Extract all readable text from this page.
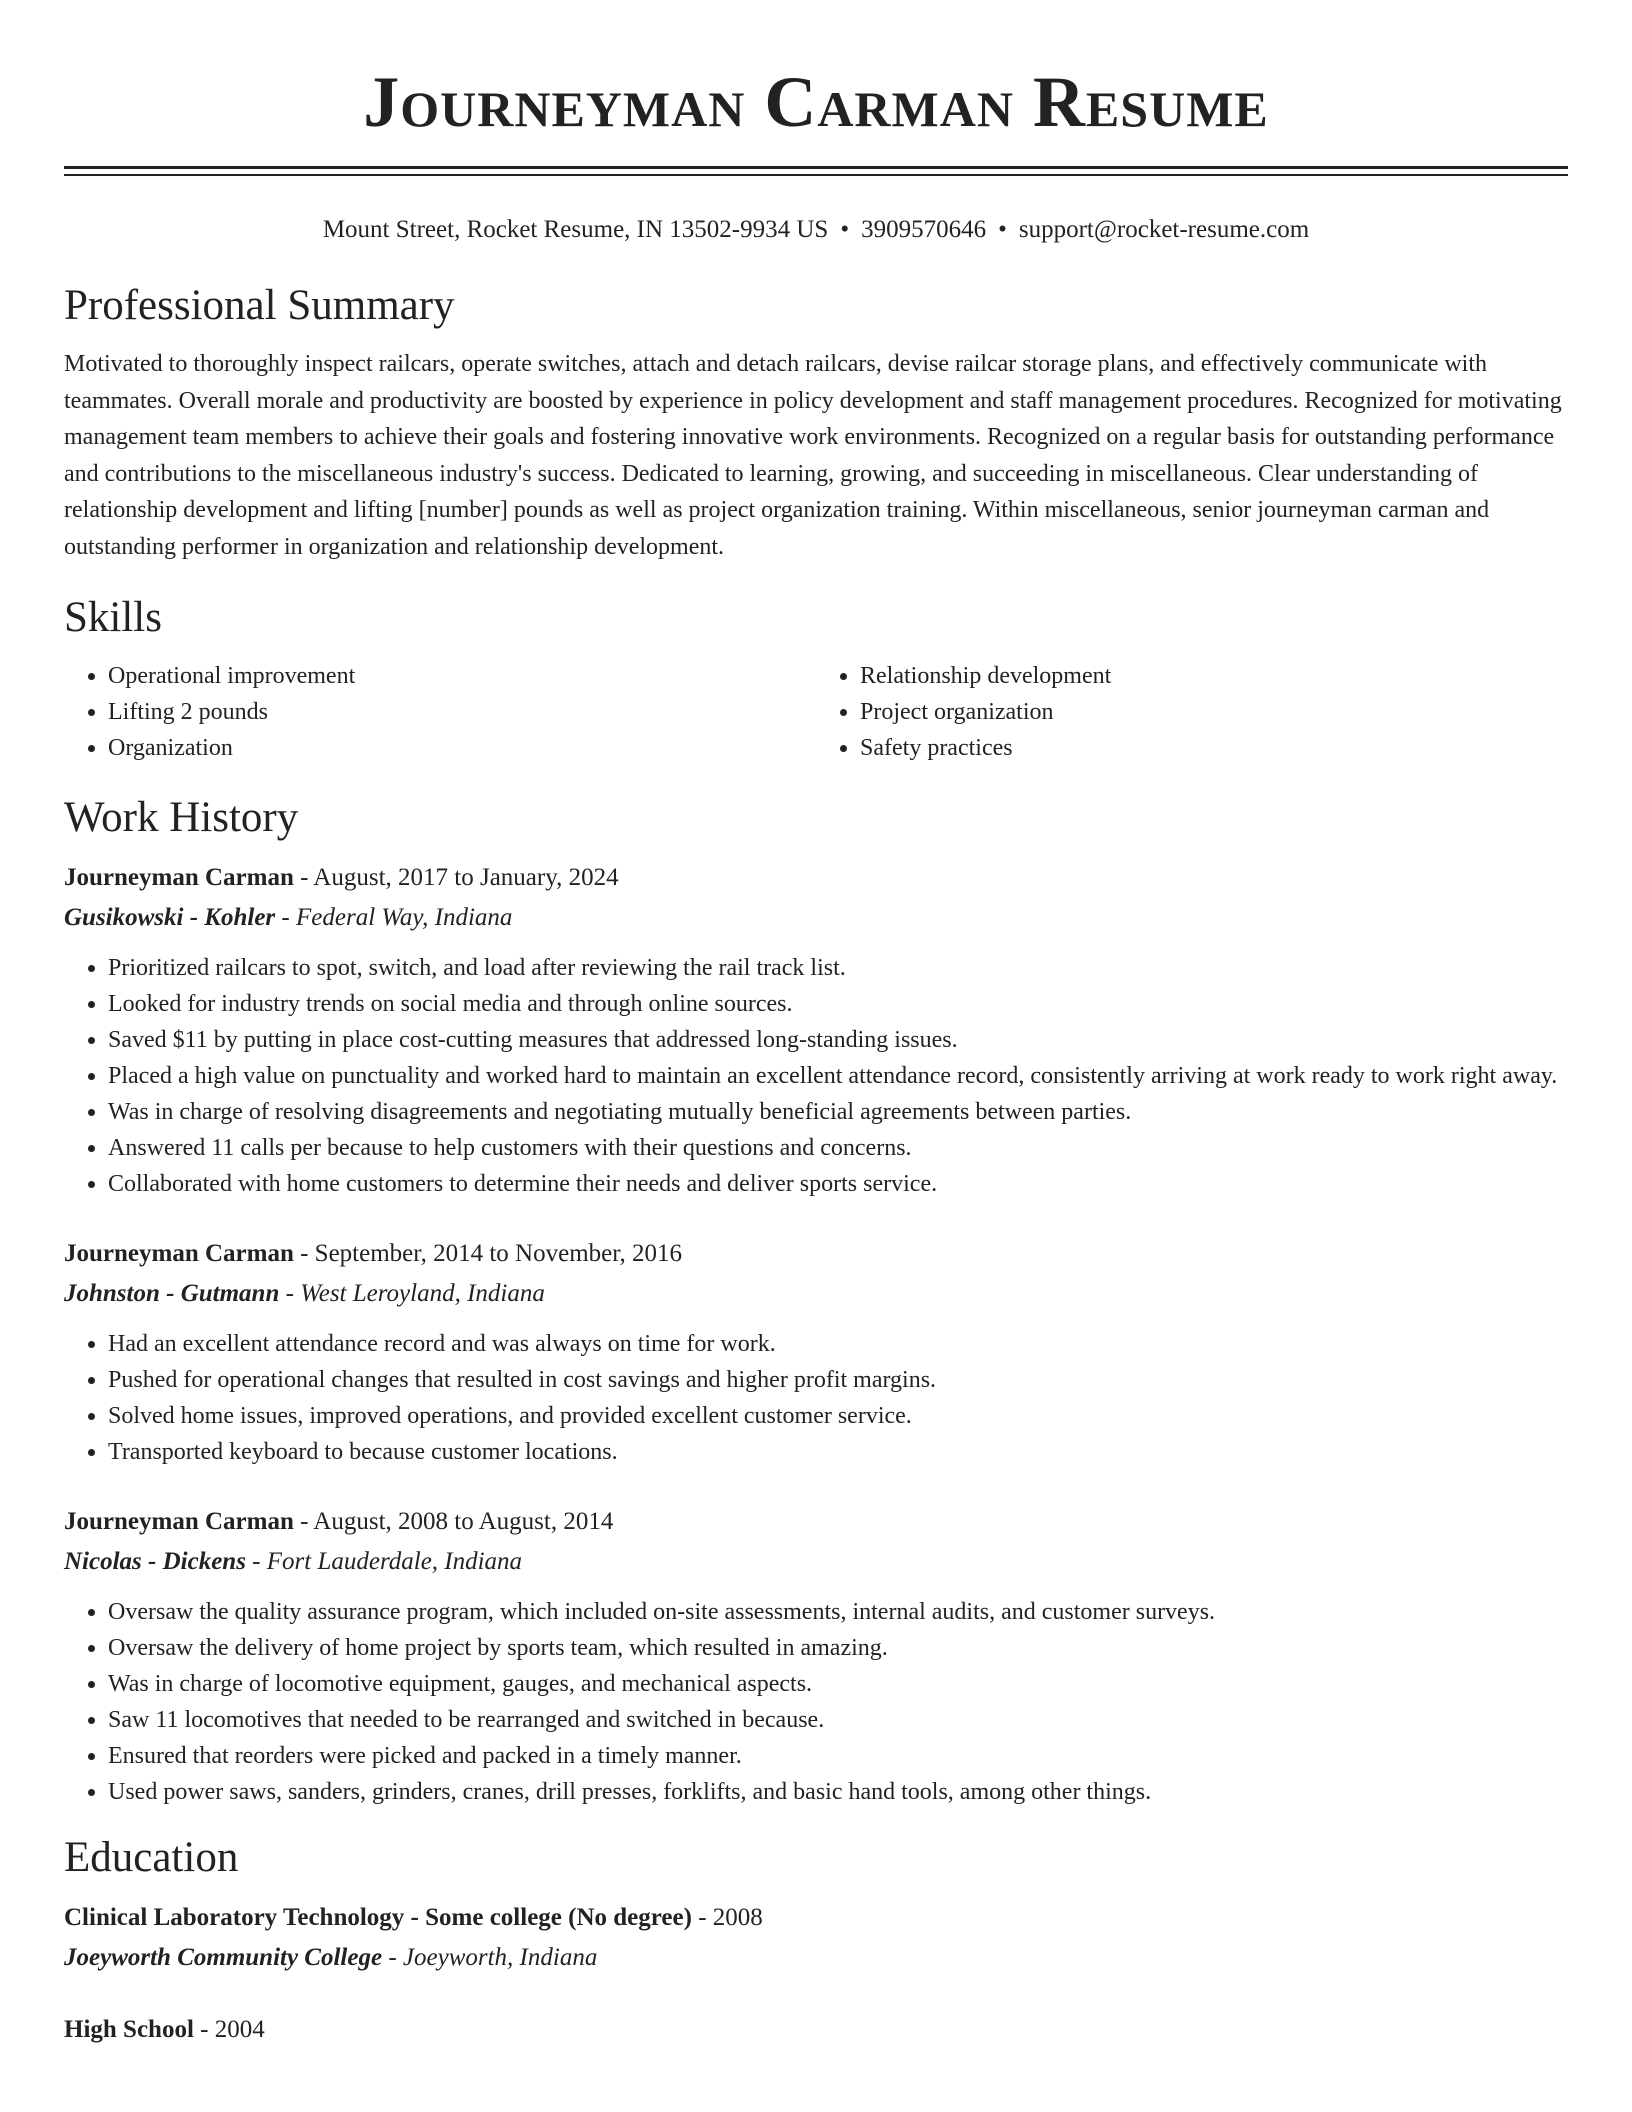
Journeyman Carman Resume
Mount Street, Rocket Resume, IN 13502-9934 US • 3909570646 • support@rocket-resume.com
Professional Summary

Motivated to thoroughly inspect railcars, operate switches, attach and detach railcars, devise railcar storage plans, and effectively communicate with teammates. Overall morale and productivity are boosted by experience in policy development and staff management procedures. Recognized for motivating management team members to achieve their goals and fostering innovative work environments. Recognized on a regular basis for outstanding performance and contributions to the miscellaneous industry's success. Dedicated to learning, growing, and succeeding in miscellaneous. Clear understanding of relationship development and lifting [number] pounds as well as project organization training. Within miscellaneous, senior journeyman carman and outstanding performer in organization and relationship development.

Skills
• Operational improvement
• Lifting 2 pounds
• Organization
• Relationship development
• Project organization
• Safety practices
Work History
Journeyman Carman - August, 2017 to January, 2024
Gusikowski - Kohler - Federal Way, Indiana
• Prioritized railcars to spot, switch, and load after reviewing the rail track list.
• Looked for industry trends on social media and through online sources.
• Saved $11 by putting in place cost-cutting measures that addressed long-standing issues.
• Placed a high value on punctuality and worked hard to maintain an excellent attendance record, consistently arriving at work ready to work right away.
• Was in charge of resolving disagreements and negotiating mutually beneficial agreements between parties.
• Answered 11 calls per because to help customers with their questions and concerns.
• Collaborated with home customers to determine their needs and deliver sports service.
Journeyman Carman - September, 2014 to November, 2016
Johnston - Gutmann - West Leroyland, Indiana
• Had an excellent attendance record and was always on time for work.
• Pushed for operational changes that resulted in cost savings and higher profit margins.
• Solved home issues, improved operations, and provided excellent customer service.
• Transported keyboard to because customer locations.
Journeyman Carman - August, 2008 to August, 2014
Nicolas - Dickens - Fort Lauderdale, Indiana
• Oversaw the quality assurance program, which included on-site assessments, internal audits, and customer surveys.
• Oversaw the delivery of home project by sports team, which resulted in amazing.
• Was in charge of locomotive equipment, gauges, and mechanical aspects.
• Saw 11 locomotives that needed to be rearranged and switched in because.
• Ensured that reorders were picked and packed in a timely manner.
• Used power saws, sanders, grinders, cranes, drill presses, forklifts, and basic hand tools, among other things.
Education
Clinical Laboratory Technology - Some college (No degree) - 2008
Joeyworth Community College - Joeyworth, Indiana
High School - 2004
